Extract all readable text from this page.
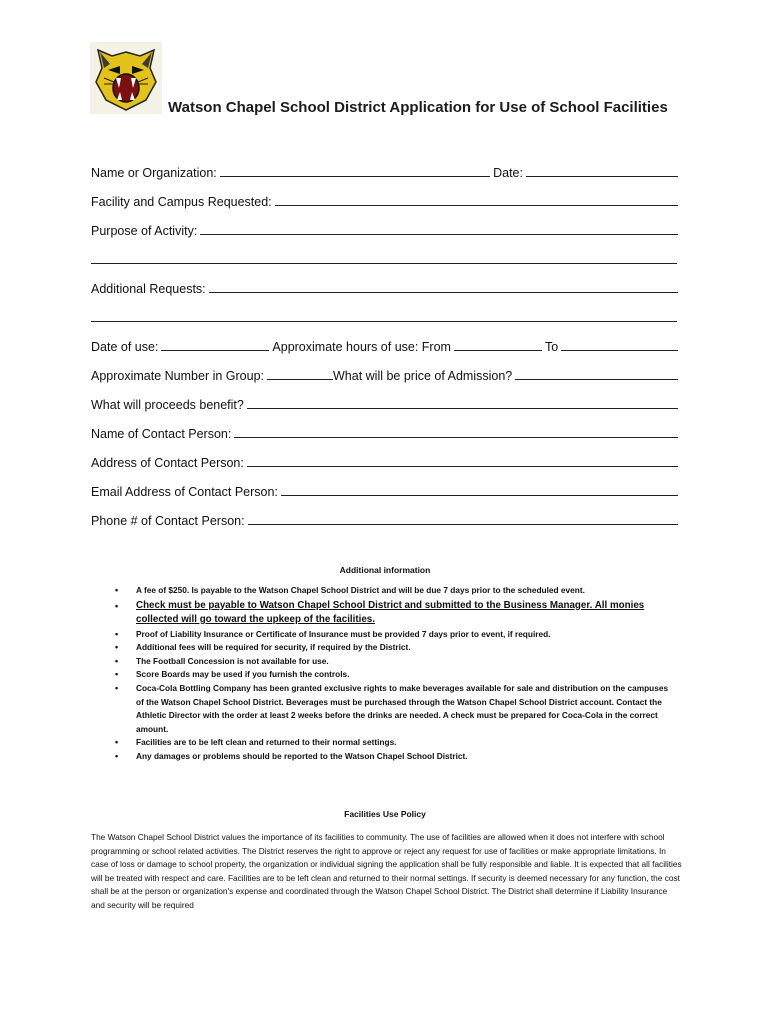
Watson Chapel School District Application for Use of School Facilities
Name or Organization:	Date:
Facility and Campus Requested:
Purpose of Activity:
Additional Requests:
Date of use:	Approximate hours of use: From	To
Approximate Number in Group:	What will be price of Admission?
What will proceeds benefit?
Name of Contact Person:
Address of Contact Person:
Email Address of Contact Person:
Phone # of Contact Person:
Additional information
• A fee of $250. Is payable to the Watson Chapel School District and will be due 7 days prior to the scheduled event.
• Check must be payable to Watson Chapel School District and submitted to the Business Manager. All monies collected will go toward the upkeep of the facilities.
• Proof of Liability Insurance or Certificate of Insurance must be provided 7 days prior to event, if required.
• Additional fees will be required for security, if required by the District.
• The Football Concession is not available for use.
• Score Boards may be used if you furnish the controls.
• Coca-Cola Bottling Company has been granted exclusive rights to make beverages available for sale and distribution on the campuses of the Watson Chapel School District. Beverages must be purchased through the Watson Chapel School District account. Contact the Athletic Director with the order at least 2 weeks before the drinks are needed. A check must be prepared for Coca-Cola in the correct amount.
• Facilities are to be left clean and returned to their normal settings.
• Any damages or problems should be reported to the Watson Chapel School District.
Facilities Use Policy
The Watson Chapel School District values the importance of its facilities to community. The use of facilities are allowed when it does not interfere with school programming or school related activities. The District reserves the right to approve or reject any request for use of facilities or make appropriate limitations. In case of loss or damage to school property, the organization or individual signing the application shall be fully responsible and liable. It is expected that all facilities will be treated with respect and care. Facilities are to be left clean and returned to their normal settings. If security is deemed necessary for any function, the cost shall be at the person or organization's expense and coordinated through the Watson Chapel School District. The District shall determine if Liability Insurance and security will be required
